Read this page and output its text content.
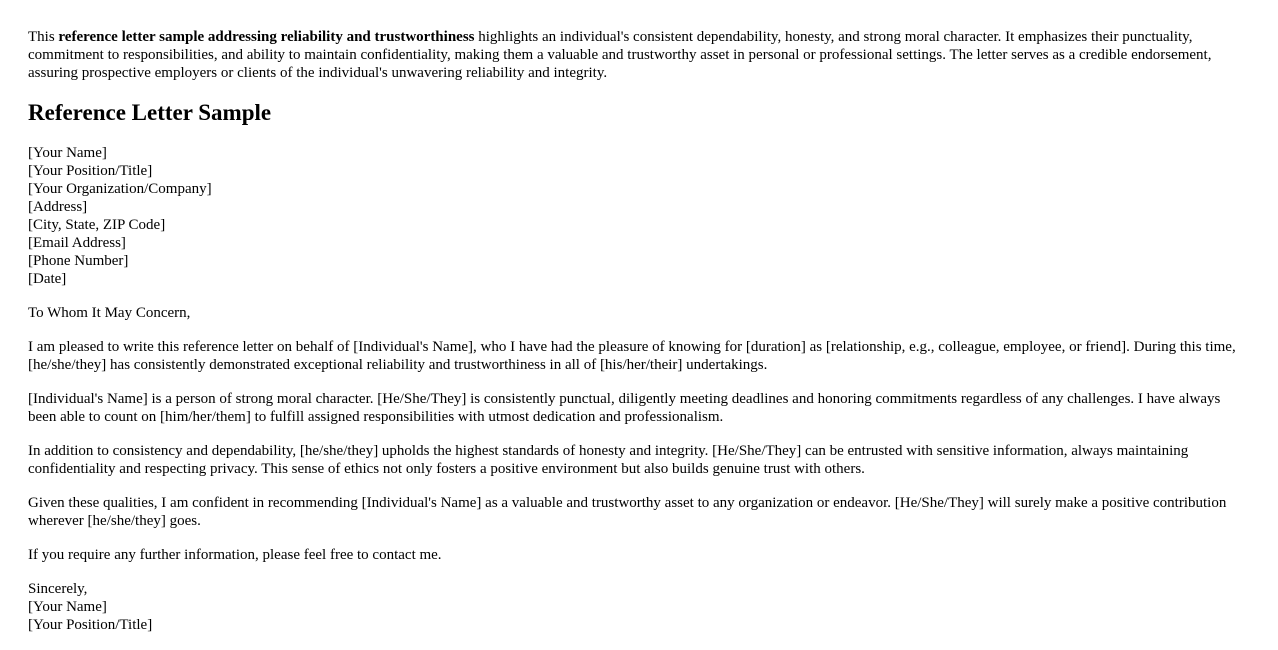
This reference letter sample addressing reliability and trustworthiness highlights an individual's consistent dependability, honesty, and strong moral character. It emphasizes their punctuality, commitment to responsibilities, and ability to maintain confidentiality, making them a valuable and trustworthy asset in personal or professional settings. The letter serves as a credible endorsement, assuring prospective employers or clients of the individual's unwavering reliability and integrity.

Reference Letter Sample
[Your Name]
[Your Position/Title]
[Your Organization/Company]
[Address]
[City, State, ZIP Code]
[Email Address]
[Phone Number]
[Date]

To Whom It May Concern,

I am pleased to write this reference letter on behalf of [Individual's Name], who I have had the pleasure of knowing for [duration] as [relationship, e.g., colleague, employee, or friend]. During this time, [he/she/they] has consistently demonstrated exceptional reliability and trustworthiness in all of [his/her/their] undertakings.

[Individual's Name] is a person of strong moral character. [He/She/They] is consistently punctual, diligently meeting deadlines and honoring commitments regardless of any challenges. I have always been able to count on [him/her/them] to fulfill assigned responsibilities with utmost dedication and professionalism.

In addition to consistency and dependability, [he/she/they] upholds the highest standards of honesty and integrity. [He/She/They] can be entrusted with sensitive information, always maintaining confidentiality and respecting privacy. This sense of ethics not only fosters a positive environment but also builds genuine trust with others.

Given these qualities, I am confident in recommending [Individual's Name] as a valuable and trustworthy asset to any organization or endeavor. [He/She/They] will surely make a positive contribution wherever [he/she/they] goes.

If you require any further information, please feel free to contact me.

Sincerely,
[Your Name]
[Your Position/Title]
